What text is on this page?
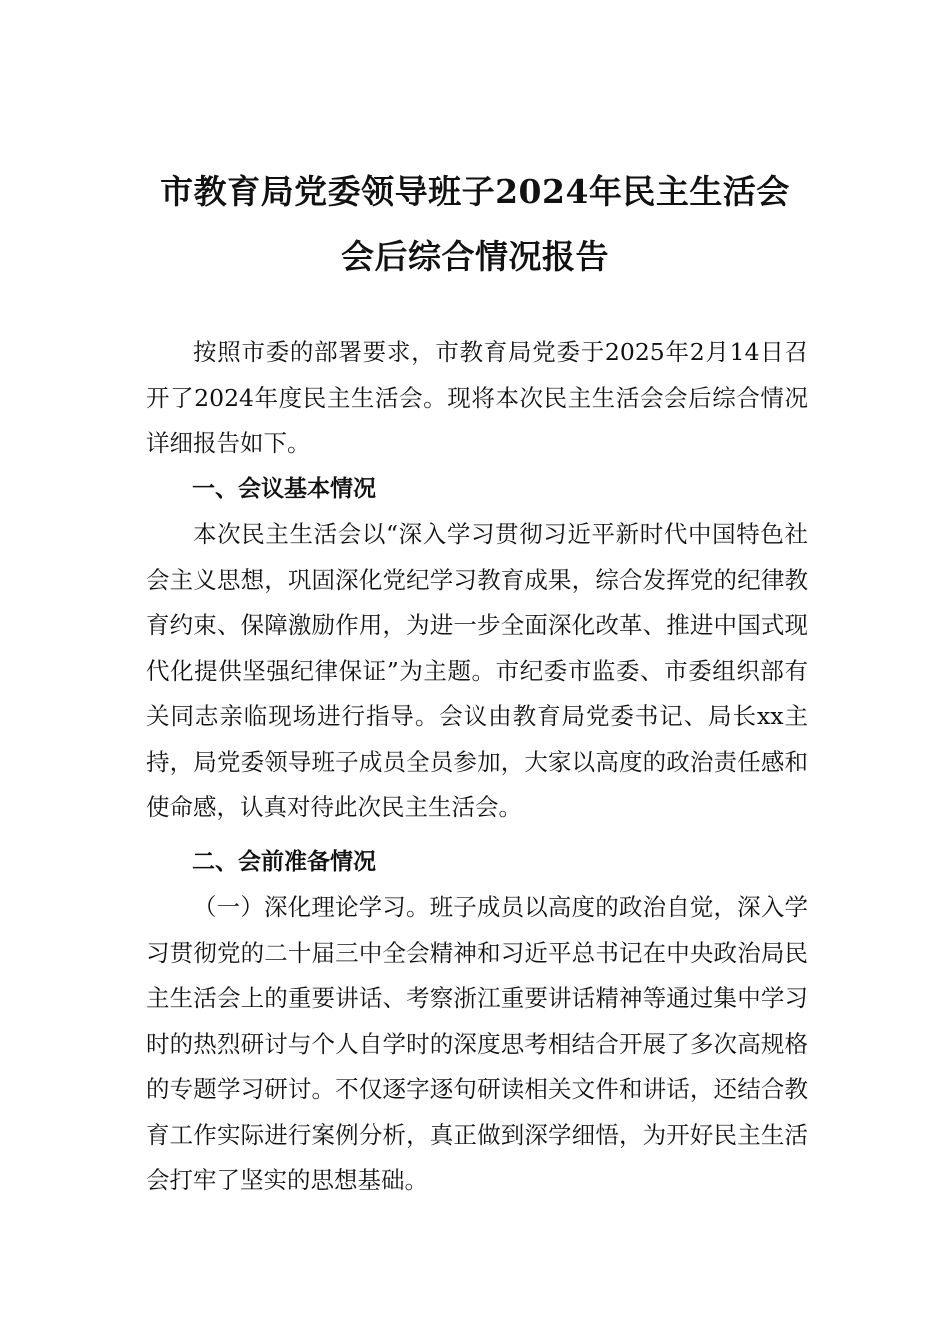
市教育局党委领导班子2024年民主生活会
会后综合情况报告

按照市委的部署要求，市教育局党委于2025年2月14日召开了2024年度民主生活会。现将本次民主生活会会后综合情况详细报告如下。

一、会议基本情况

本次民主生活会以“深入学习贯彻习近平新时代中国特色社会主义思想，巩固深化党纪学习教育成果，综合发挥党的纪律教育约束、保障激励作用，为进一步全面深化改革、推进中国式现代化提供坚强纪律保证”为主题。市纪委市监委、市委组织部有关同志亲临现场进行指导。会议由教育局党委书记、局长xx主持，局党委领导班子成员全员参加，大家以高度的政治责任感和使命感，认真对待此次民主生活会。

二、会前准备情况

（一）深化理论学习。班子成员以高度的政治自觉，深入学习贯彻党的二十届三中全会精神和习近平总书记在中央政治局民主生活会上的重要讲话、考察浙江重要讲话精神等通过集中学习时的热烈研讨与个人自学时的深度思考相结合开展了多次高规格的专题学习研讨。不仅逐字逐句研读相关文件和讲话，还结合教育工作实际进行案例分析，真正做到深学细悟，为开好民主生活会打牢了坚实的思想基础。
